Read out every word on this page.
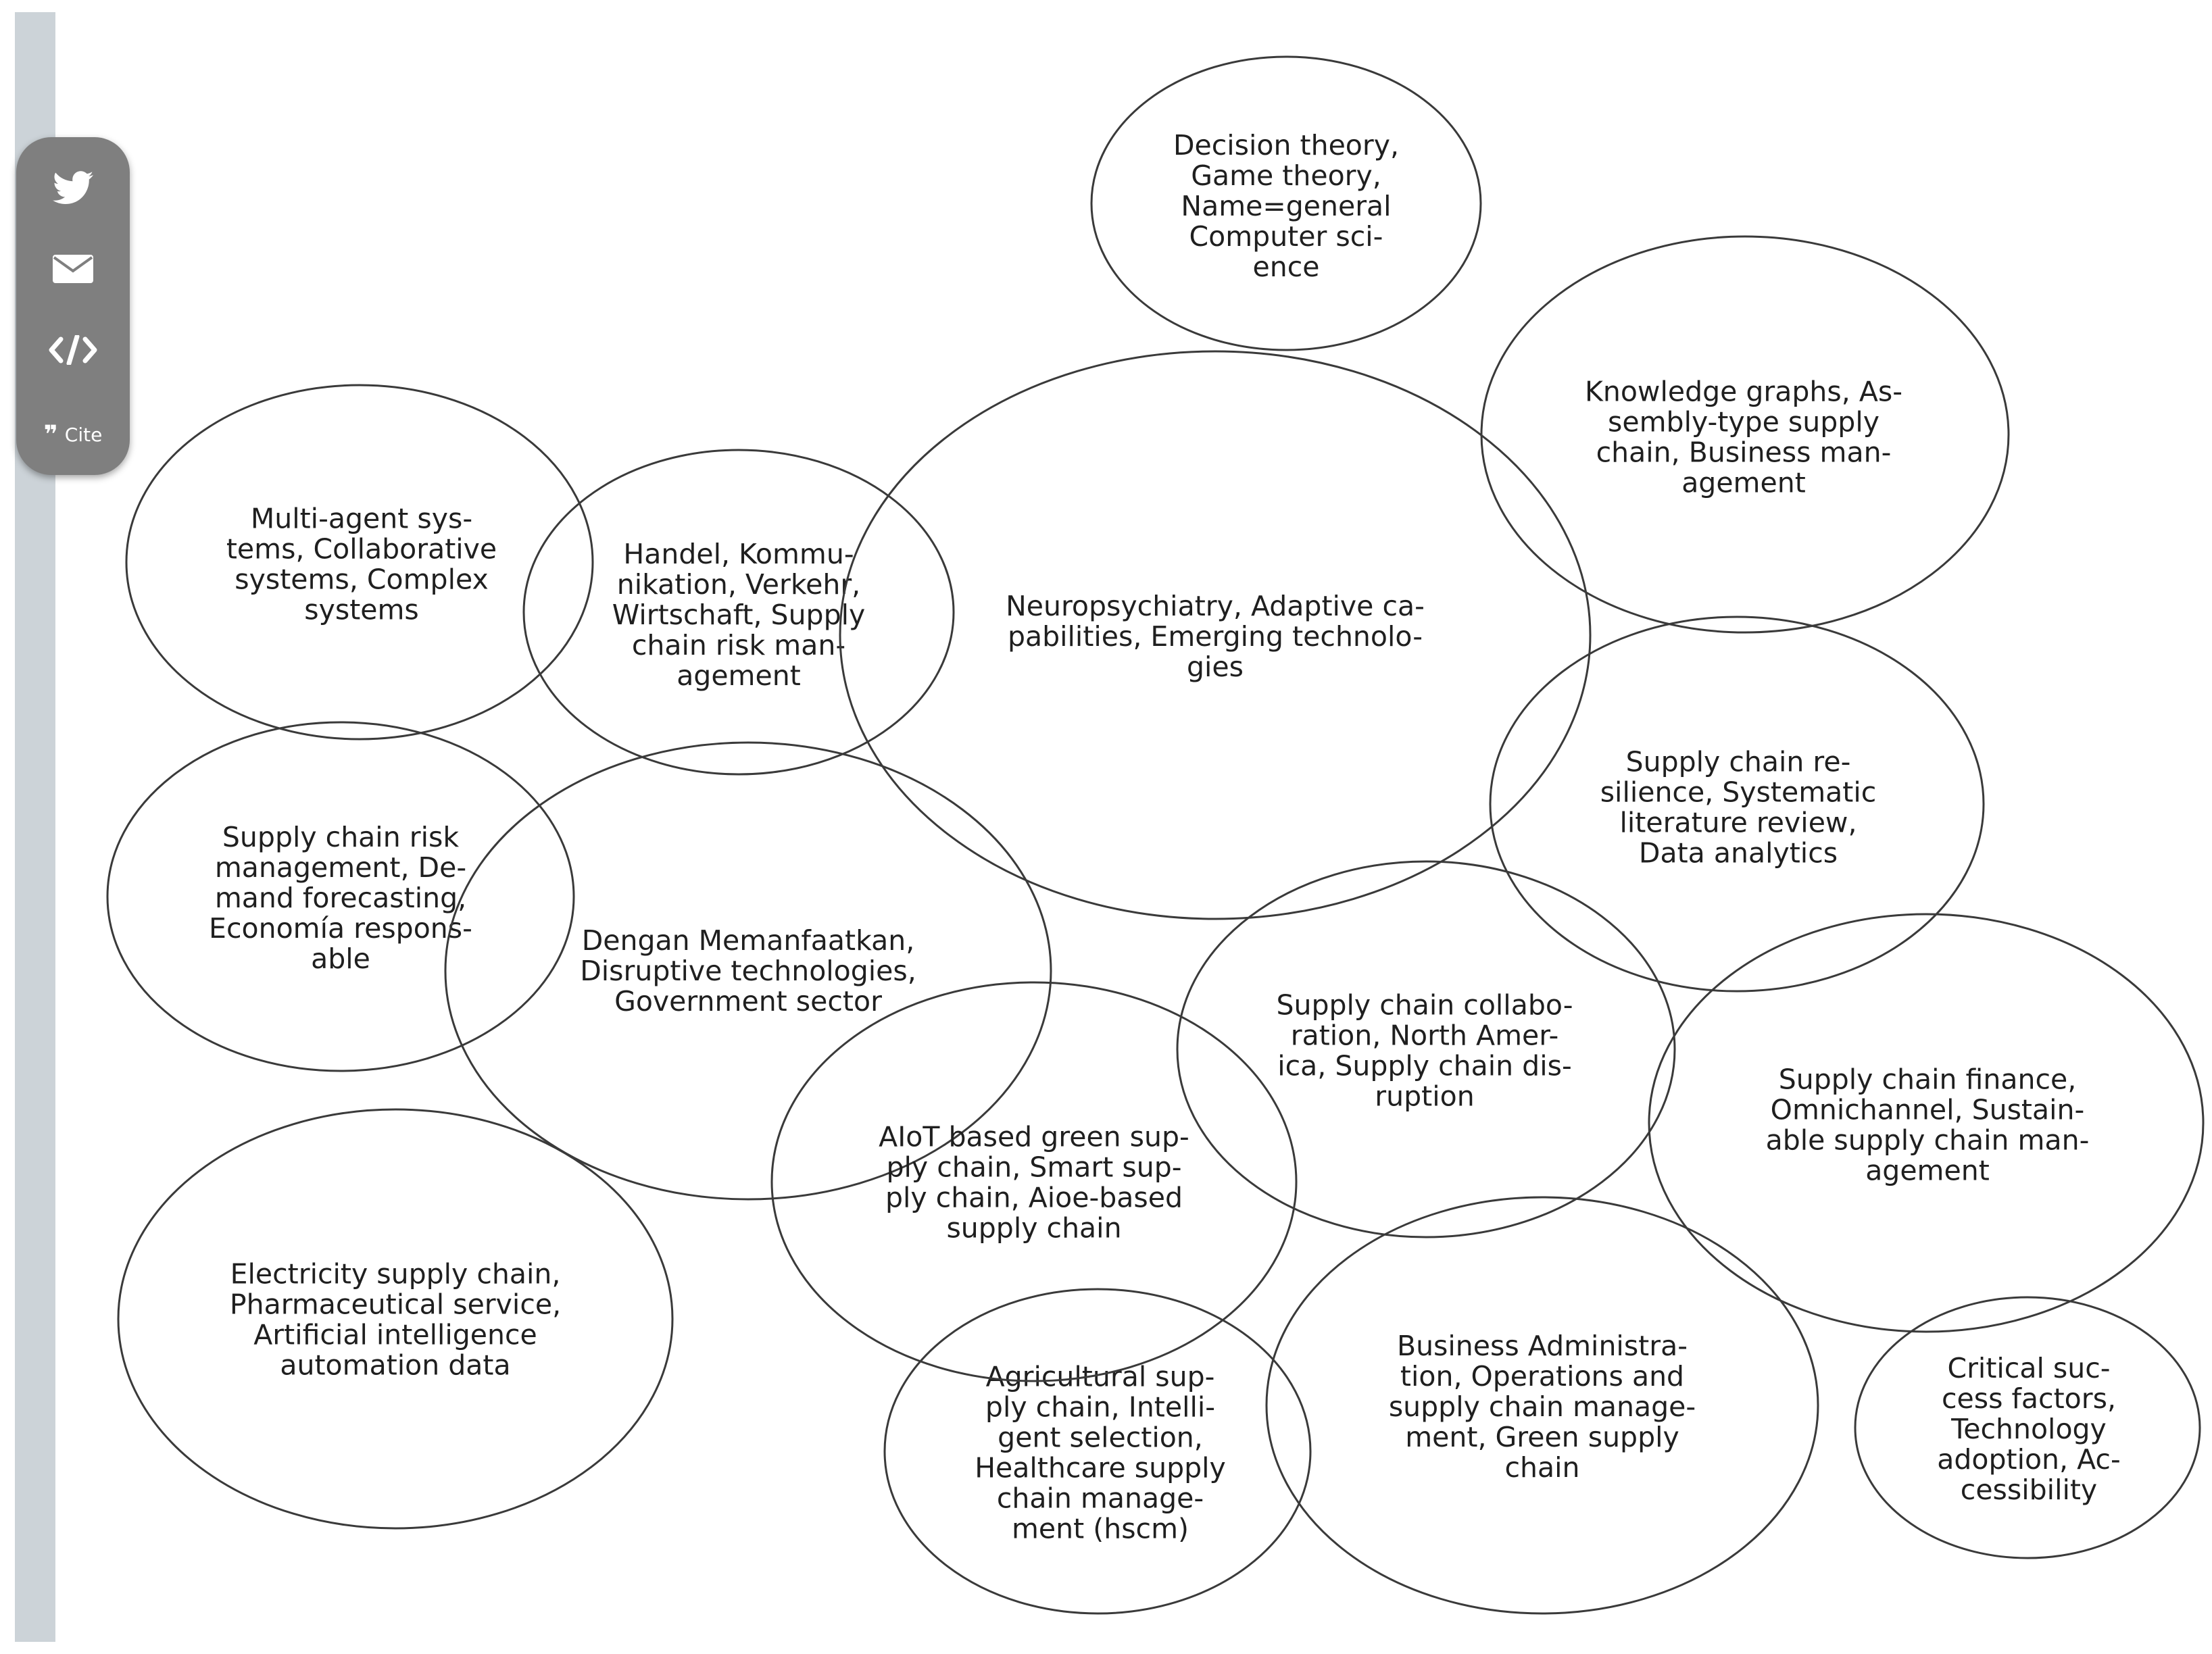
Decision theory, Game theory, Name=general Computer sci-ence
Knowledge graphs, As-sembly-type supply chain, Business man-agement
Multi-agent sys-tems, Collaborative systems, Complex systems
Handel, Kommu-nikation, Verkehr, Wirtschaft, Supply chain risk man-agement
Neuropsychiatry, Adaptive ca-pabilities, Emerging technolo-gies
Supply chain re-silience, Systematic literature review, Data analytics
Supply chain risk management, De-mand forecasting, Economía respons-able
Dengan Memanfaatkan, Disruptive technologies, Government sector	Supply chain collabo-ration, North Amer-ica, Supply chain dis-ruption
Supply chain finance, Omnichannel, Sustain-able supply chain man-agement
Electricity supply chain, Pharmaceutical service, Artificial intelligence automation data	Agricultural sup-ply chain, Intelli-gent selection, Healthcare supply chain manage-ment (hscm)
AIoT based green sup-ply chain, Smart sup-ply chain, Aioe-based supply chain
Business Administra-tion, Operations and supply chain manage-ment, Green supply chain
Critical suc-cess factors, Technology adoption, Ac-cessibility
❞ Cite
